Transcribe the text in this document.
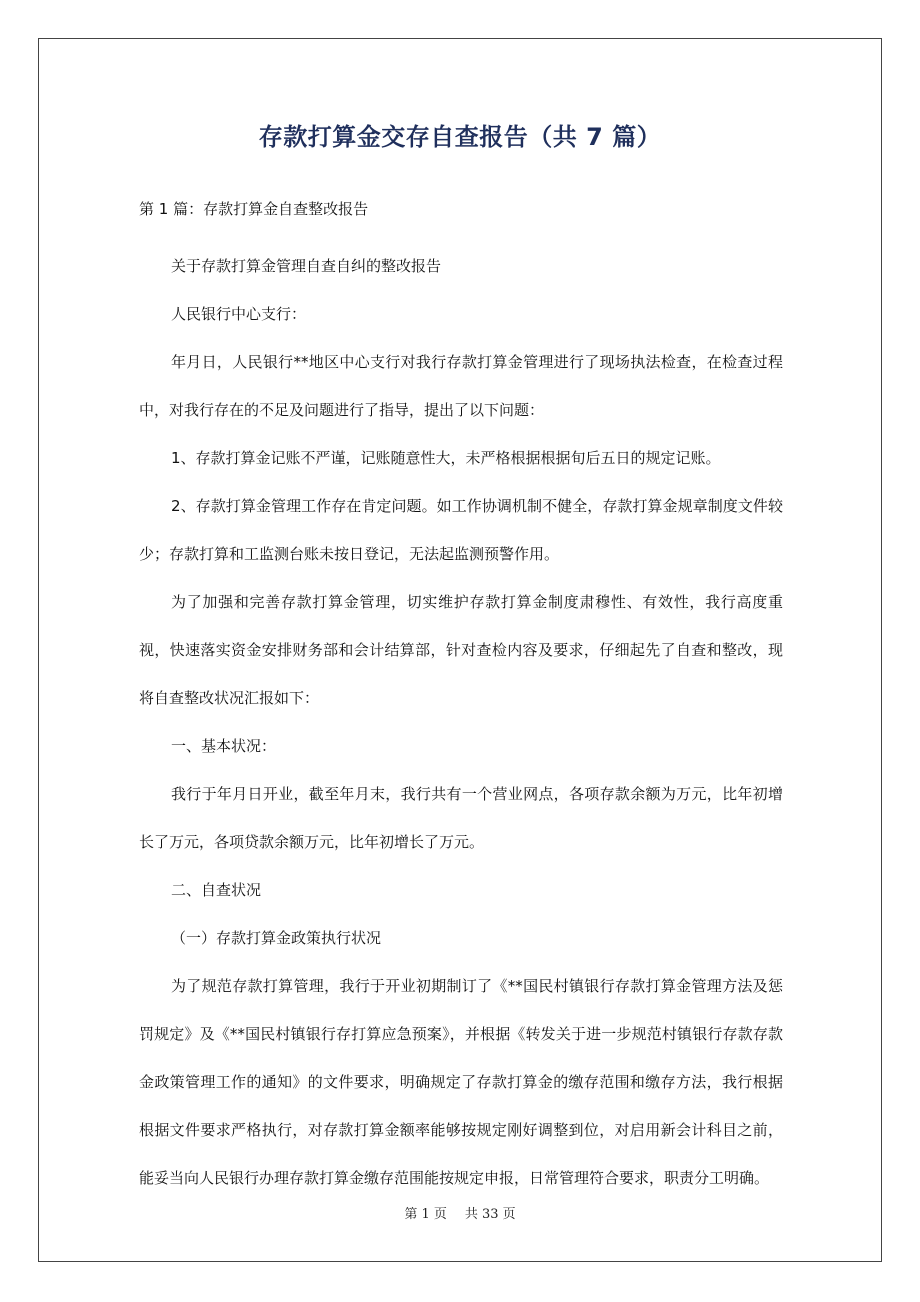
存款打算金交存自查报告（共 7 篇）
第 1 篇：存款打算金自查整改报告

关于存款打算金管理自查自纠的整改报告

人民银行中心支行：

年月日，人民银行**地区中心支行对我行存款打算金管理进行了现场执法检查，在检查过程中，对我行存在的不足及问题进行了指导，提出了以下问题：

1、存款打算金记账不严谨，记账随意性大，未严格根据根据旬后五日的规定记账。

2、存款打算金管理工作存在肯定问题。如工作协调机制不健全，存款打算金规章制度文件较少；存款打算和工监测台账未按日登记，无法起监测预警作用。

为了加强和完善存款打算金管理，切实维护存款打算金制度肃穆性、有效性，我行高度重视，快速落实资金安排财务部和会计结算部，针对查检内容及要求，仔细起先了自查和整改，现将自查整改状况汇报如下：

一、基本状况：

我行于年月日开业，截至年月末，我行共有一个营业网点，各项存款余额为万元，比年初增长了万元，各项贷款余额万元，比年初增长了万元。

二、自查状况

（一）存款打算金政策执行状况

为了规范存款打算管理，我行于开业初期制订了《**国民村镇银行存款打算金管理方法及惩罚规定》及《**国民村镇银行存打算应急预案》，并根据《转发关于进一步规范村镇银行存款存款金政策管理工作的通知》的文件要求，明确规定了存款打算金的缴存范围和缴存方法，我行根据根据文件要求严格执行，对存款打算金额率能够按规定刚好调整到位，对启用新会计科目之前，能妥当向人民银行办理存款打算金缴存范围能按规定申报，日常管理符合要求，职责分工明确。

第 1 页 共 33 页
